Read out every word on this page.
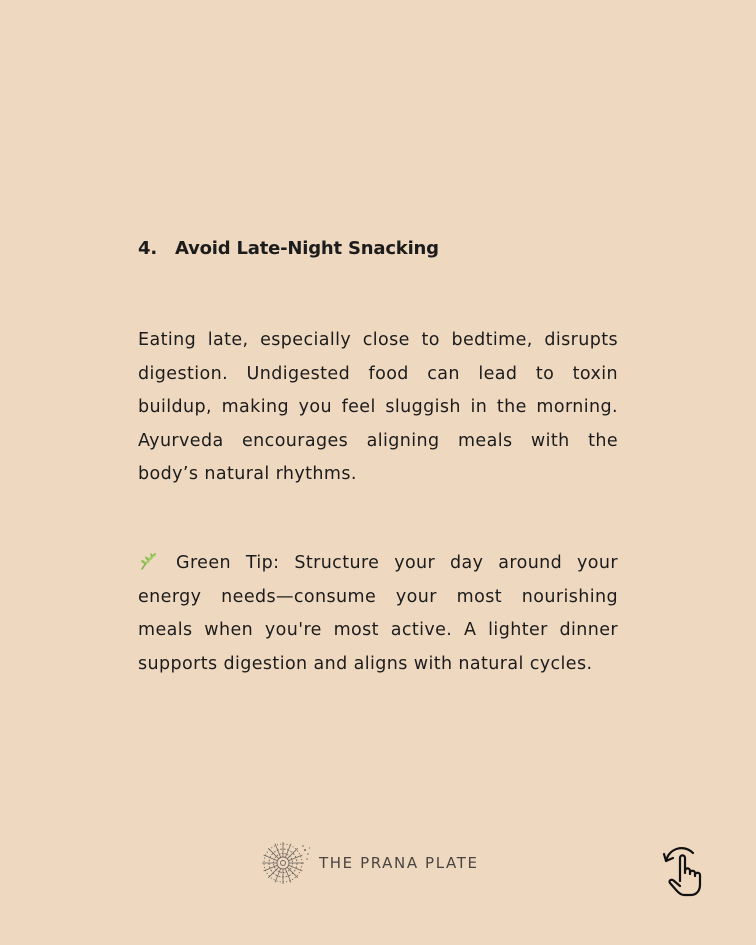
4. Avoid Late-Night Snacking

Eating late, especially close to bedtime, disrupts digestion. Undigested food can lead to toxin buildup, making you feel sluggish in the morning. Ayurveda encourages aligning meals with the body’s natural rhythms.

Green Tip: Structure your day around your energy needs—consume your most nourishing meals when you're most active. A lighter dinner supports digestion and aligns with natural cycles.

THE PRANA PLATE
